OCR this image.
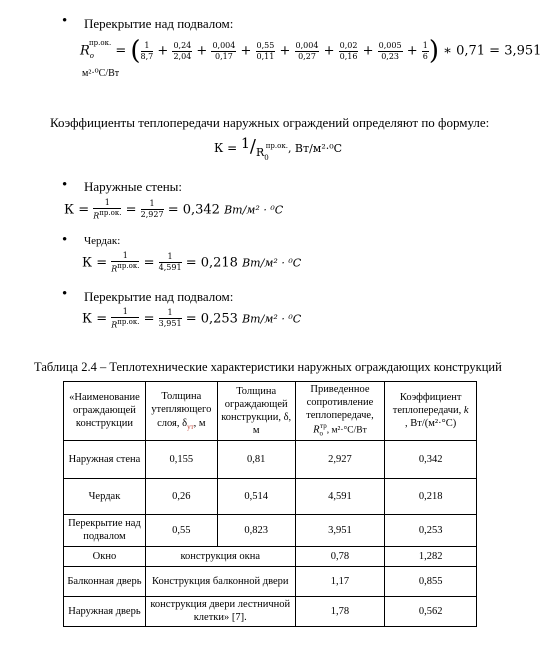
• Перекрытие над подвалом:
$R_o^{пр.ок.}$ = ( $\frac{1}{8,7} + \frac{0,24}{2,04} + \frac{0,004}{0,17} + \frac{0,55}{0,11} + \frac{0,004}{0,27} + \frac{0,02}{0,16} + \frac{0,005}{0,23} + \frac{1}{6}$ ) ∗ 0,71 = 3,951
м²·⁰С/Вт
Коэффициенты теплопередачи наружных ограждений определяют по формуле:
$К = 1/R_0^{пр.ок.}$, Вт/м²·⁰С
• Наружные стены:
$К = \frac{1}{R^{пр.ок.}} = \frac{1}{2,927} = 0,342$ Вт/м² · ⁰С
• Чердак:
$К = \frac{1}{R^{пр.ок.}} = \frac{1}{4,591} = 0,218$ Вт/м² · ⁰С
• Перекрытие над подвалом:
$К = \frac{1}{R^{пр.ок.}} = \frac{1}{3,951} = 0,253$ Вт/м² · ⁰С
Таблица 2.4 – Теплотехнические характеристики наружных ограждающих конструкций
«Наименование ограждающей конструкции	Толщина утепляющего слоя, $\delta_{ут}$, м	Толщина ограждающей конструкции, δ, м	Приведенное сопротивление теплопередаче,
$R_o^{тр}$, м²·°С/Вт	Коэффициент теплопередачи, k
, Вт/(м²·°С)
Наружная стена	0,155	0,81	2,927	0,342
Чердак	0,26	0,514	4,591	0,218
Перекрытие над подвалом	0,55	0,823	3,951	0,253
Окно	конструкция окна		0,78	1,282
Балконная дверь	Конструкция балконной двери		1,17	0,855
Наружная дверь	конструкция двери лестничной клетки» [7].		1,78	0,562
